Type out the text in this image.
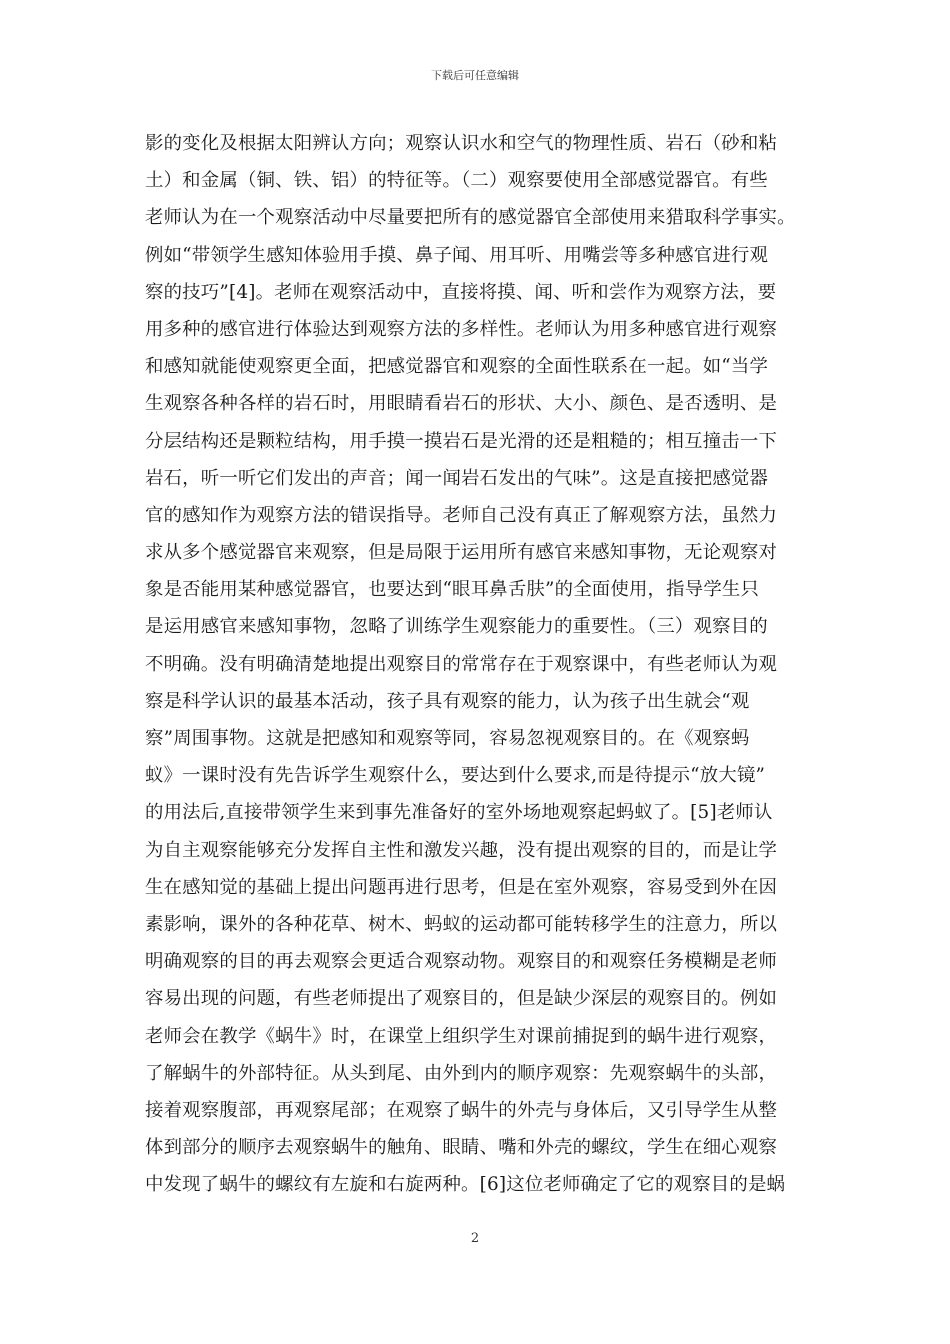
下载后可任意编辑
影的变化及根据太阳辨认方向；观察认识水和空气的物理性质、岩石（砂和粘
土）和金属（铜、铁、铝）的特征等。（二）观察要使用全部感觉器官。有些
老师认为在一个观察活动中尽量要把所有的感觉器官全部使用来猎取科学事实。
例如“带领学生感知体验用手摸、鼻子闻、用耳听、用嘴尝等多种感官进行观
察的技巧”[4]。老师在观察活动中，直接将摸、闻、听和尝作为观察方法，要
用多种的感官进行体验达到观察方法的多样性。老师认为用多种感官进行观察
和感知就能使观察更全面，把感觉器官和观察的全面性联系在一起。如“当学
生观察各种各样的岩石时，用眼睛看岩石的形状、大小、颜色、是否透明、是
分层结构还是颗粒结构，用手摸一摸岩石是光滑的还是粗糙的；相互撞击一下
岩石，听一听它们发出的声音；闻一闻岩石发出的气味”。这是直接把感觉器
官的感知作为观察方法的错误指导。老师自己没有真正了解观察方法，虽然力
求从多个感觉器官来观察，但是局限于运用所有感官来感知事物，无论观察对
象是否能用某种感觉器官，也要达到“眼耳鼻舌肤”的全面使用，指导学生只
是运用感官来感知事物，忽略了训练学生观察能力的重要性。（三）观察目的
不明确。没有明确清楚地提出观察目的常常存在于观察课中，有些老师认为观
察是科学认识的最基本活动，孩子具有观察的能力，认为孩子出生就会“观
察”周围事物。这就是把感知和观察等同，容易忽视观察目的。在《观察蚂
蚁》一课时没有先告诉学生观察什么，要达到什么要求,而是待提示“放大镜”
的用法后,直接带领学生来到事先准备好的室外场地观察起蚂蚁了。[5]老师认
为自主观察能够充分发挥自主性和激发兴趣，没有提出观察的目的，而是让学
生在感知觉的基础上提出问题再进行思考，但是在室外观察，容易受到外在因
素影响，课外的各种花草、树木、蚂蚁的运动都可能转移学生的注意力，所以
明确观察的目的再去观察会更适合观察动物。观察目的和观察任务模糊是老师
容易出现的问题，有些老师提出了观察目的，但是缺少深层的观察目的。例如
老师会在教学《蜗牛》时，在课堂上组织学生对课前捕捉到的蜗牛进行观察，
了解蜗牛的外部特征。从头到尾、由外到内的顺序观察：先观察蜗牛的头部，
接着观察腹部，再观察尾部；在观察了蜗牛的外壳与身体后，又引导学生从整
体到部分的顺序去观察蜗牛的触角、眼睛、嘴和外壳的螺纹，学生在细心观察
中发现了蜗牛的螺纹有左旋和右旋两种。[6]这位老师确定了它的观察目的是蜗
2
